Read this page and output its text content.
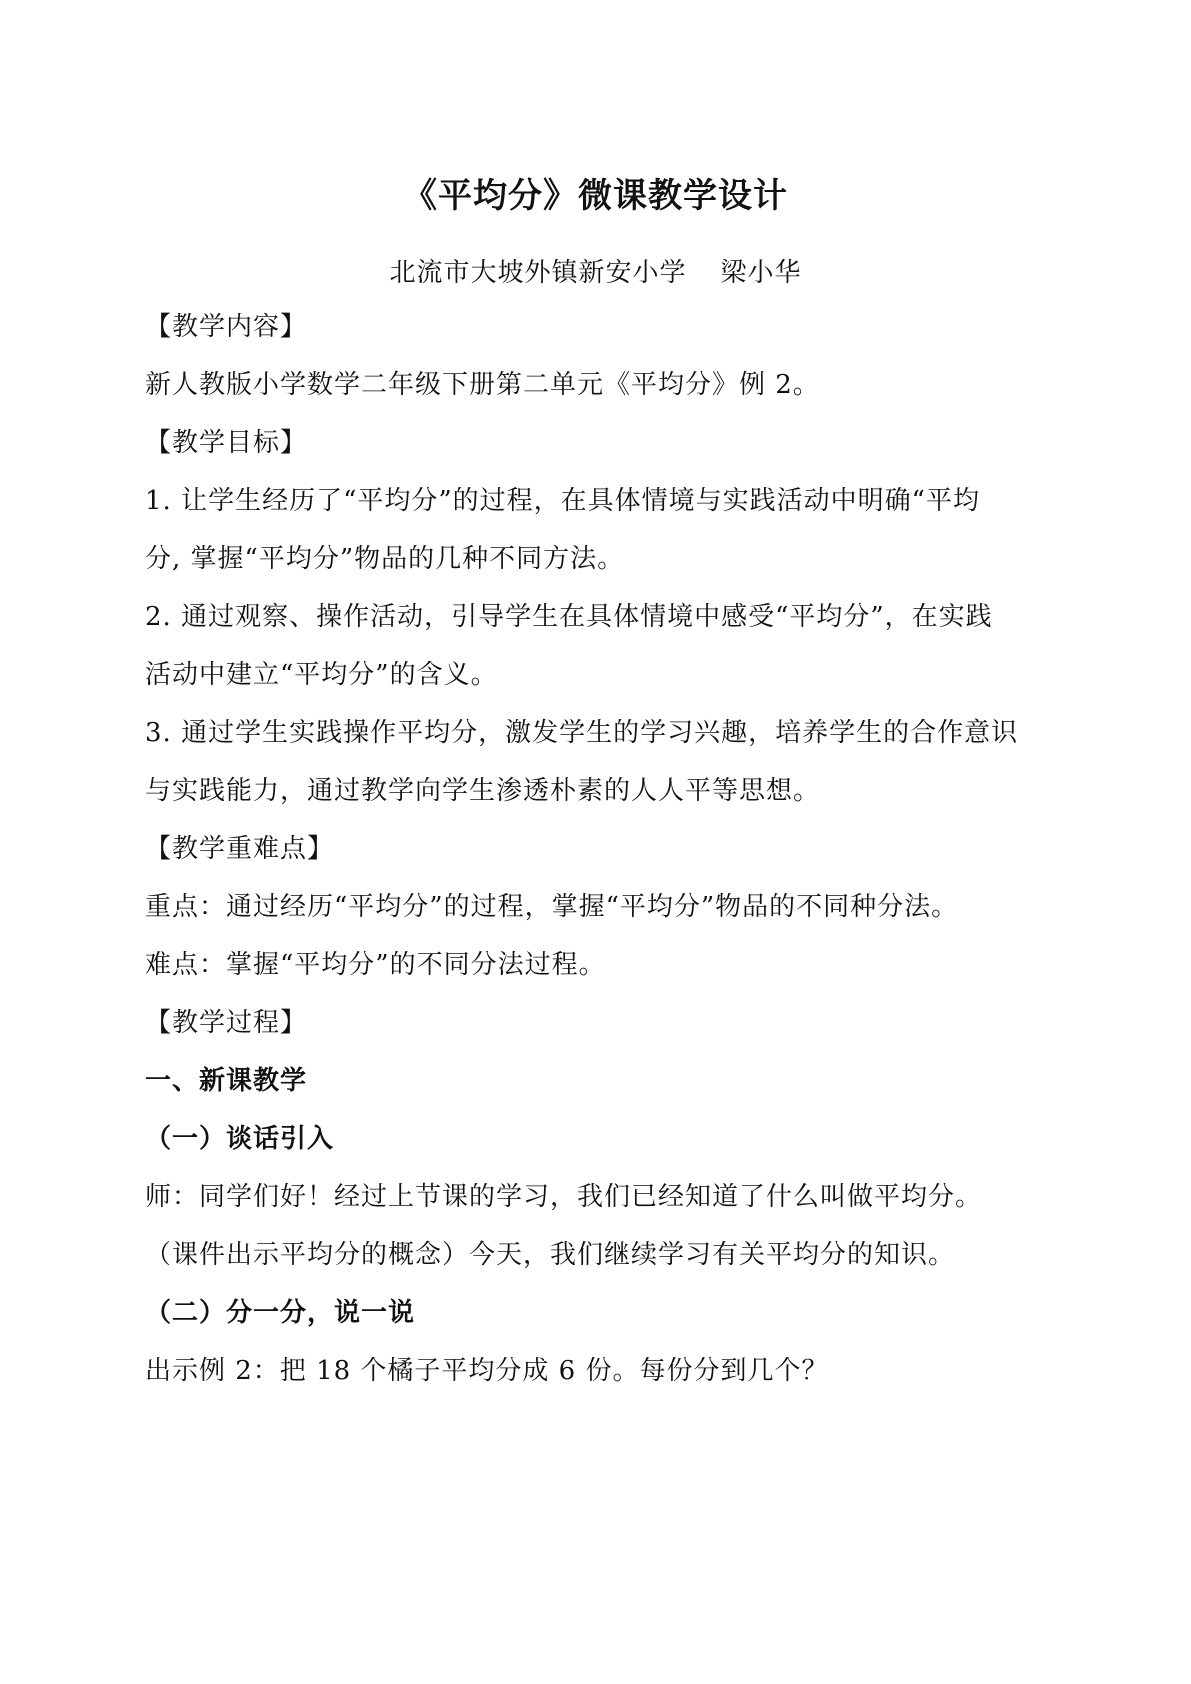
《平均分》微课教学设计
北流市大坡外镇新安小学 梁小华
【教学内容】
新人教版小学数学二年级下册第二单元《平均分》例 2。
【教学目标】
1. 让学生经历了“平均分”的过程，在具体情境与实践活动中明确“平均
分, 掌握“平均分”物品的几种不同方法。
2. 通过观察、操作活动，引导学生在具体情境中感受“平均分”，在实践
活动中建立“平均分”的含义。
3. 通过学生实践操作平均分，激发学生的学习兴趣，培养学生的合作意识
与实践能力，通过教学向学生渗透朴素的人人平等思想。
【教学重难点】
重点：通过经历“平均分”的过程，掌握“平均分”物品的不同种分法。
难点：掌握“平均分”的不同分法过程。
【教学过程】
一、新课教学
（一）谈话引入
师：同学们好！经过上节课的学习，我们已经知道了什么叫做平均分。
（课件出示平均分的概念）今天，我们继续学习有关平均分的知识。
（二）分一分，说一说
出示例 2：把 18 个橘子平均分成 6 份。每份分到几个？
